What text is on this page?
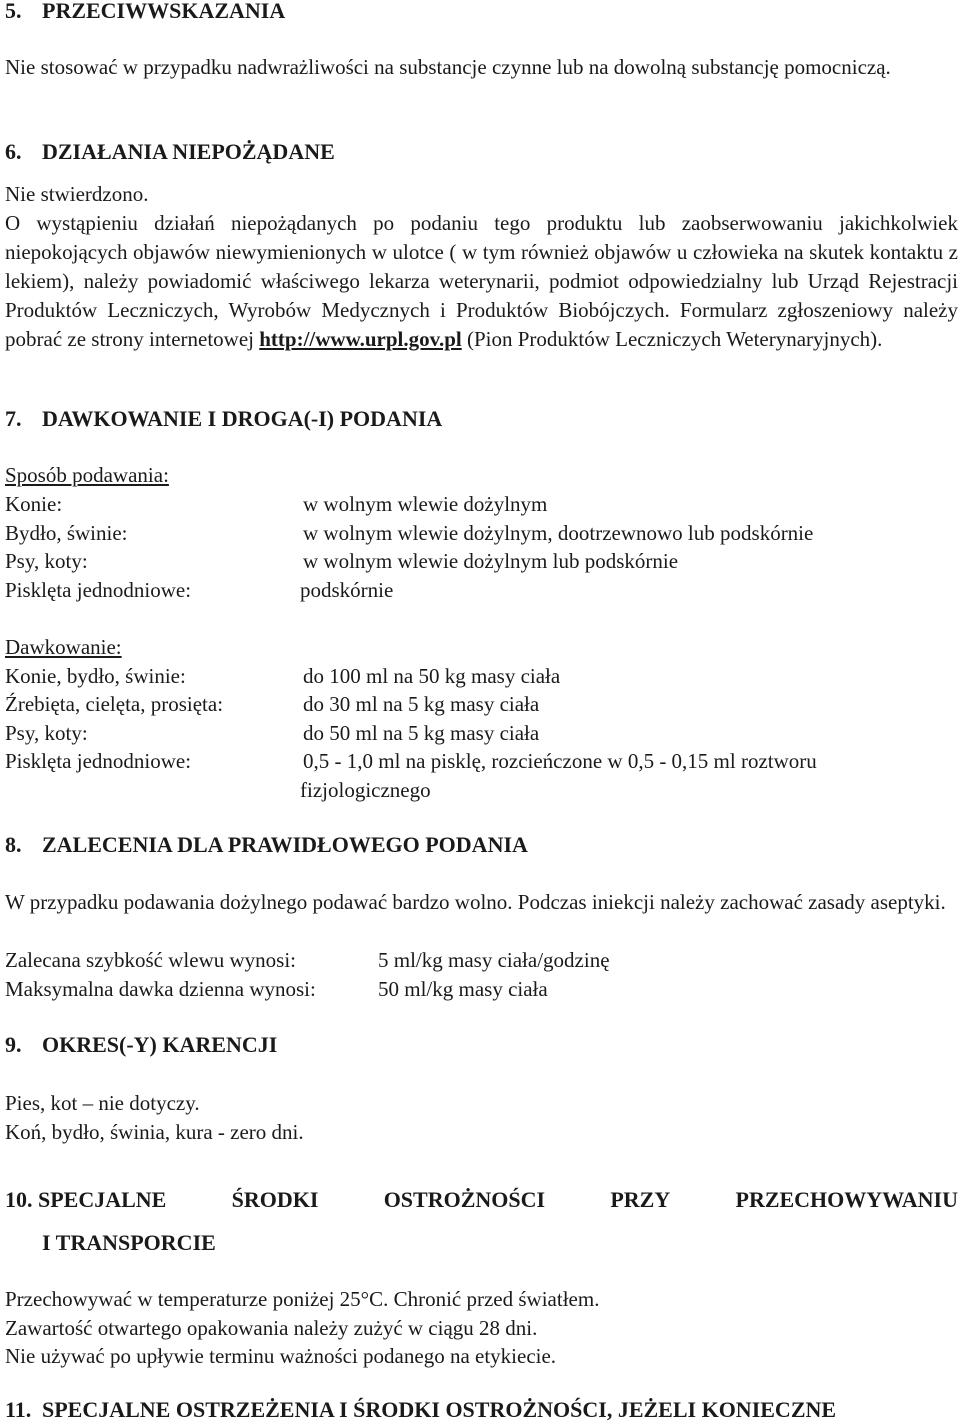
5. PRZECIWWSKAZANIA
Nie stosować w przypadku nadwrażliwości na substancje czynne lub na dowolną substancję pomocniczą.
6. DZIAŁANIA NIEPOŻĄDANE
Nie stwierdzono.
O wystąpieniu działań niepożądanych po podaniu tego produktu lub zaobserwowaniu jakichkolwiek niepokojących objawów niewymienionych w ulotce ( w tym również objawów u człowieka na skutek kontaktu z lekiem), należy powiadomić właściwego lekarza weterynarii, podmiot odpowiedzialny lub Urząd Rejestracji Produktów Leczniczych, Wyrobów Medycznych i Produktów Biobójczych. Formularz zgłoszeniowy należy pobrać ze strony internetowej http://www.urpl.gov.pl (Pion Produktów Leczniczych Weterynaryjnych).
7. DAWKOWANIE I DROGA(-I) PODANIA
Sposób podawania:
Konie:	w wolnym wlewie dożylnym
Bydło, świnie:	w wolnym wlewie dożylnym, dootrzewnowo lub podskórnie
Psy, koty:	w wolnym wlewie dożylnym lub podskórnie
Pisklęta jednodniowe:	podskórnie
Dawkowanie:
Konie, bydło, świnie:	do 100 ml na 50 kg masy ciała
Źrebięta, cielęta, prosięta:	do 30 ml na 5 kg masy ciała
Psy, koty:	do 50 ml na 5 kg masy ciała
Pisklęta jednodniowe:	0,5 - 1,0 ml na pisklę, rozcieńczone w 0,5 - 0,15 ml roztworu
fizjologicznego
8. ZALECENIA DLA PRAWIDŁOWEGO PODANIA
W przypadku podawania dożylnego podawać bardzo wolno. Podczas iniekcji należy zachować zasady aseptyki.
Zalecana szybkość wlewu wynosi:	5 ml/kg masy ciała/godzinę
Maksymalna dawka dzienna wynosi:	50 ml/kg masy ciała
9. OKRES(-Y) KARENCJI
Pies, kot – nie dotyczy.
Koń, bydło, świnia, kura - zero dni.
10. SPECJALNE	ŚRODKI	OSTROŻNOŚCI	PRZY	PRZECHOWYWANIU
I TRANSPORCIE
Przechowywać w temperaturze poniżej 25°C. Chronić przed światłem.
Zawartość otwartego opakowania należy zużyć w ciągu 28 dni.
Nie używać po upływie terminu ważności podanego na etykiecie.
11. SPECJALNE OSTRZEŻENIA I ŚRODKI OSTROŻNOŚCI, JEŻELI KONIECZNE
